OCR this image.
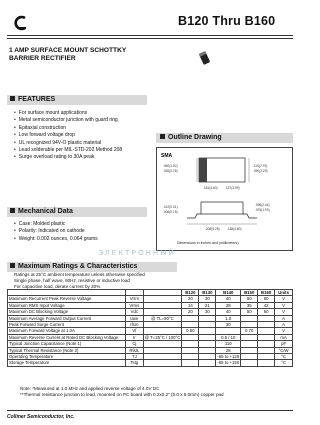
B120 Thru B160
1 AMP SURFACE MOUNT SCHOTTKY
BARRIER RECTIFIER
FEATURES
• For surface mount applications
• Metal semiconductor junction with guard ring
• Epitaxial construction
• Low forward voltage drop
• UL recognized 94V-O plastic material
• Lead solderable per MIL-STD-202 Method 208
• Surge overload rating to 30A peak
Outline Drawing
SMA
.110(2.79)
.090(2.29)
.060(1.52)
.030(0.76)
.181(4.60) .157(3.99)
.012(0.31)
.006(0.15)
.096(2.44)
.076(1.93)
.208(5.28) .188(4.80)
Dimensions in inches and (millimeters)
Mechanical Data
• Case: Molded plastic
• Polarity: Indicated on cathode
• Weight: 0.002 ounces, 0.064 grams
ЭЛЕКТРОННЫЙ
Maximum Ratings & Characteristics
Ratings at 25°C ambient temperature unless otherwise specified
Single phase, half wave, 60Hz, resistive or inductive load
For capacitive load, derate current by 20%
			B120	B130	B140	B150	B160	Units
Maximum Recurrent Peak Reverse Voltage	Vrrm		20	30	40	50	60	V
Maximum RMS Input Voltage	Vrms		14	21	28	35	42	V
Maximum DC Blocking Voltage	Vdc		20	30	40	50	60	V
Maximum Average Forward Output Current	Iave	@ TL=90°C			1.0			A
Peak Forward Surge Current	Ifsm				30			A
Maximum Forward Voltage at 1.0A	Vf		0.50			0.70		V
Maximum Reverse Current at Rated DC Blocking Voltage	Ir	@ T=25°C / 100°C			0.5 / 10			mA
Typical Junction Capacitance (Note 1)	Cj				110			pF
Typical Thermal Resistance (Note 2)	RθJL				28			°C/W
Operating Temperature	TJ				-65 to +125			°C
Storage Temperature	Tstg				-65 to +150			°C
Note: *Measured at 1.0 MHz and applied reverse voltage of 4.0V DC
**Thermal resistance junction to lead, mounted on PC board with 0.2x0.2" (5.0 x 5.0mm) copper pad
Collmer Semiconductor, Inc.
